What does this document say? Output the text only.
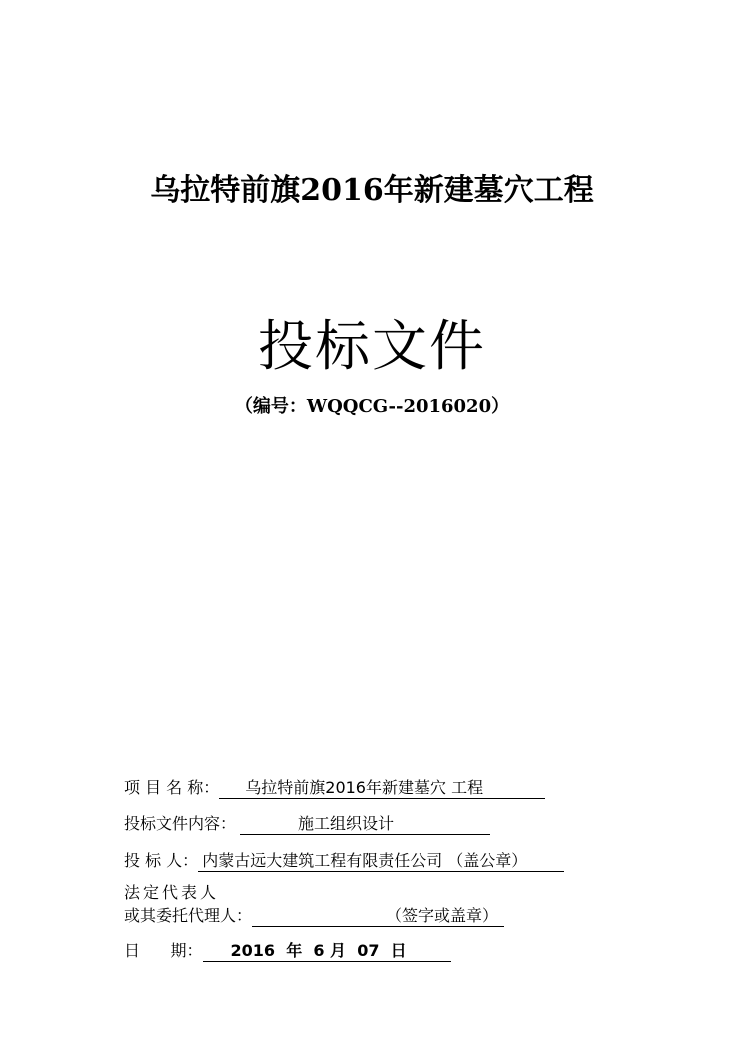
乌拉特前旗2016年新建墓穴工程
投标文件
（编号：WQQCG--2016020）
项 目 名 称： 乌拉特前旗2016年新建墓穴 工程
投标文件内容：	施工组织设计
投 标 人： 内蒙古远大建筑工程有限责任公司 （盖公章）
法定代表人
或其委托代理人：	（签字或盖章）
日      期： 2016  年  6 月  07  日
